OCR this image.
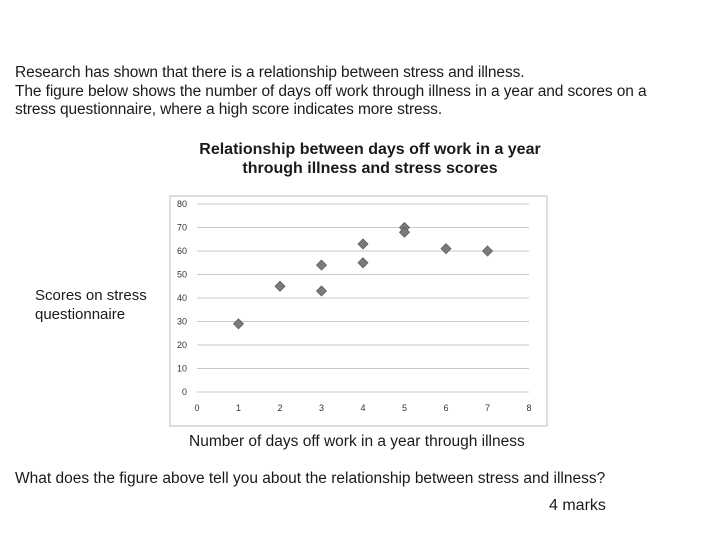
Research has shown that there is a relationship between stress and illness.

The figure below shows the number of days off work through illness in a year and scores on a

stress questionnaire, where a high score indicates more stress.

Relationship between days off work in a year
through illness and stress scores
Scores on stress
questionnaire
0
10
20
30
40
50
60
70
80
0	1	2	3	4	5	6	7	8
Number of days off work in a year through illness
What does the figure above tell you about the relationship between stress and illness?
4 marks
